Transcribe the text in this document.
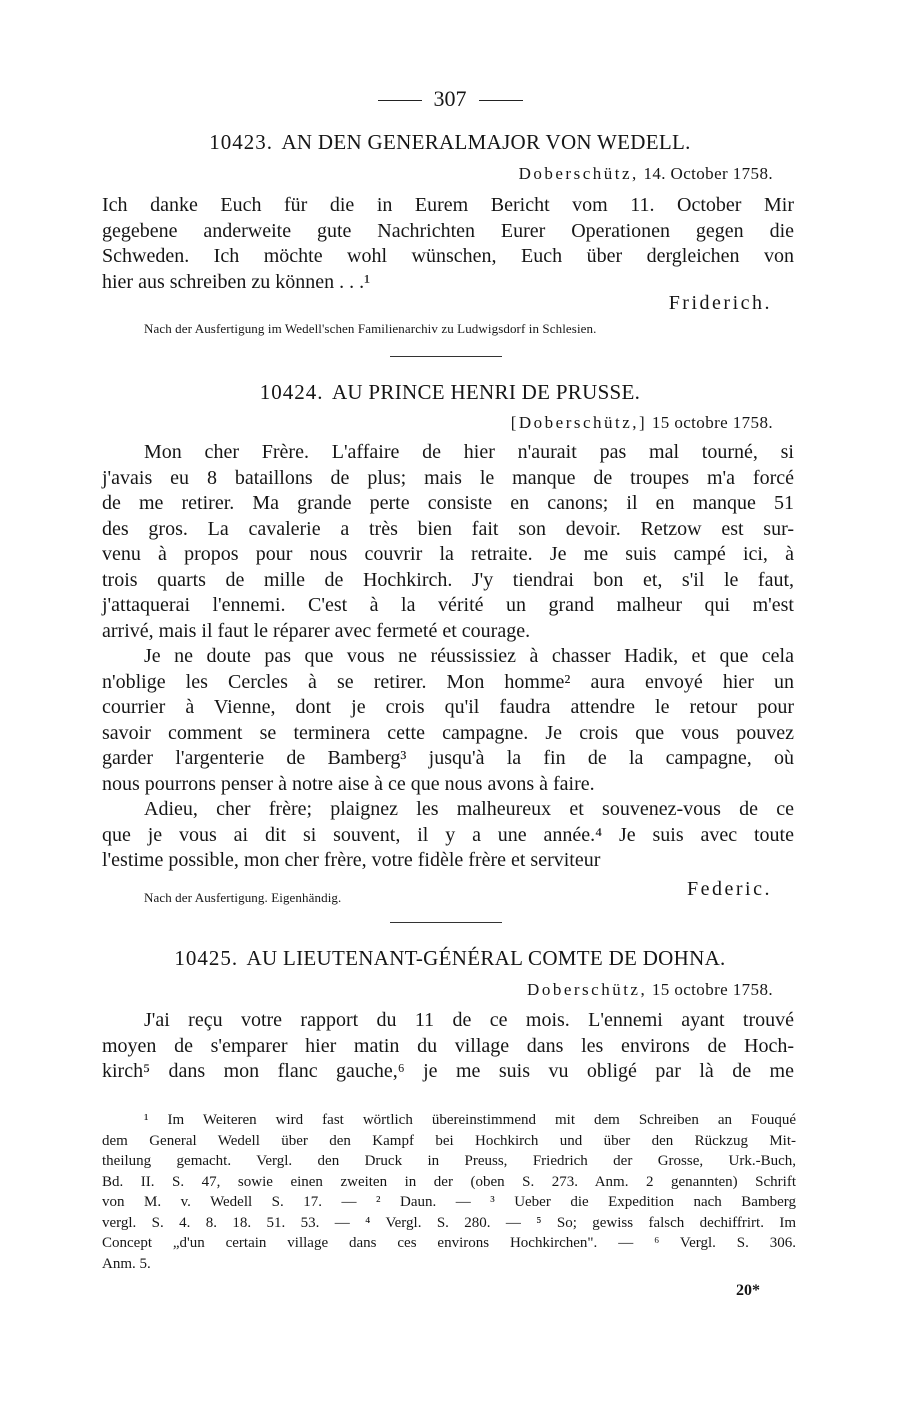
307
10423. AN DEN GENERALMAJOR VON WEDELL.
Doberschütz, 14. October 1758.
Ich danke Euch für die in Eurem Bericht vom 11. October Mir
gegebene anderweite gute Nachrichten Eurer Operationen gegen die
Schweden. Ich möchte wohl wünschen, Euch über dergleichen von
hier aus schreiben zu können . . .¹
Friderich.
Nach der Ausfertigung im Wedell'schen Familienarchiv zu Ludwigsdorf in Schlesien.
10424. AU PRINCE HENRI DE PRUSSE.
[Doberschütz,] 15 octobre 1758.
Mon cher Frère. L'affaire de hier n'aurait pas mal tourné, si
j'avais eu 8 bataillons de plus; mais le manque de troupes m'a forcé
de me retirer. Ma grande perte consiste en canons; il en manque 51
des gros. La cavalerie a très bien fait son devoir. Retzow est sur-
venu à propos pour nous couvrir la retraite. Je me suis campé ici, à
trois quarts de mille de Hochkirch. J'y tiendrai bon et, s'il le faut,
j'attaquerai l'ennemi. C'est à la vérité un grand malheur qui m'est
arrivé, mais il faut le réparer avec fermeté et courage.
Je ne doute pas que vous ne réussissiez à chasser Hadik, et que cela
n'oblige les Cercles à se retirer. Mon homme² aura envoyé hier un
courrier à Vienne, dont je crois qu'il faudra attendre le retour pour
savoir comment se terminera cette campagne. Je crois que vous pouvez
garder l'argenterie de Bamberg³ jusqu'à la fin de la campagne, où
nous pourrons penser à notre aise à ce que nous avons à faire.
Adieu, cher frère; plaignez les malheureux et souvenez-vous de ce
que je vous ai dit si souvent, il y a une année.⁴ Je suis avec toute
l'estime possible, mon cher frère, votre fidèle frère et serviteur
Nach der Ausfertigung. Eigenhändig.	Federic.
10425. AU LIEUTENANT-GÉNÉRAL COMTE DE DOHNA.
Doberschütz, 15 octobre 1758.
J'ai reçu votre rapport du 11 de ce mois. L'ennemi ayant trouvé
moyen de s'emparer hier matin du village dans les environs de Hoch-
kirch⁵ dans mon flanc gauche,⁶ je me suis vu obligé par là de me
¹ Im Weiteren wird fast wörtlich übereinstimmend mit dem Schreiben an Fouqué
dem General Wedell über den Kampf bei Hochkirch und über den Rückzug Mit-
theilung gemacht. Vergl. den Druck in Preuss, Friedrich der Grosse, Urk.-Buch,
Bd. II. S. 47, sowie einen zweiten in der (oben S. 273. Anm. 2 genannten) Schrift
von M. v. Wedell S. 17. — ² Daun. — ³ Ueber die Expedition nach Bamberg
vergl. S. 4. 8. 18. 51. 53. — ⁴ Vergl. S. 280. — ⁵ So; gewiss falsch dechiffrirt. Im
Concept „d'un certain village dans ces environs Hochkirchen". — ⁶ Vergl. S. 306.
Anm. 5.
20*
